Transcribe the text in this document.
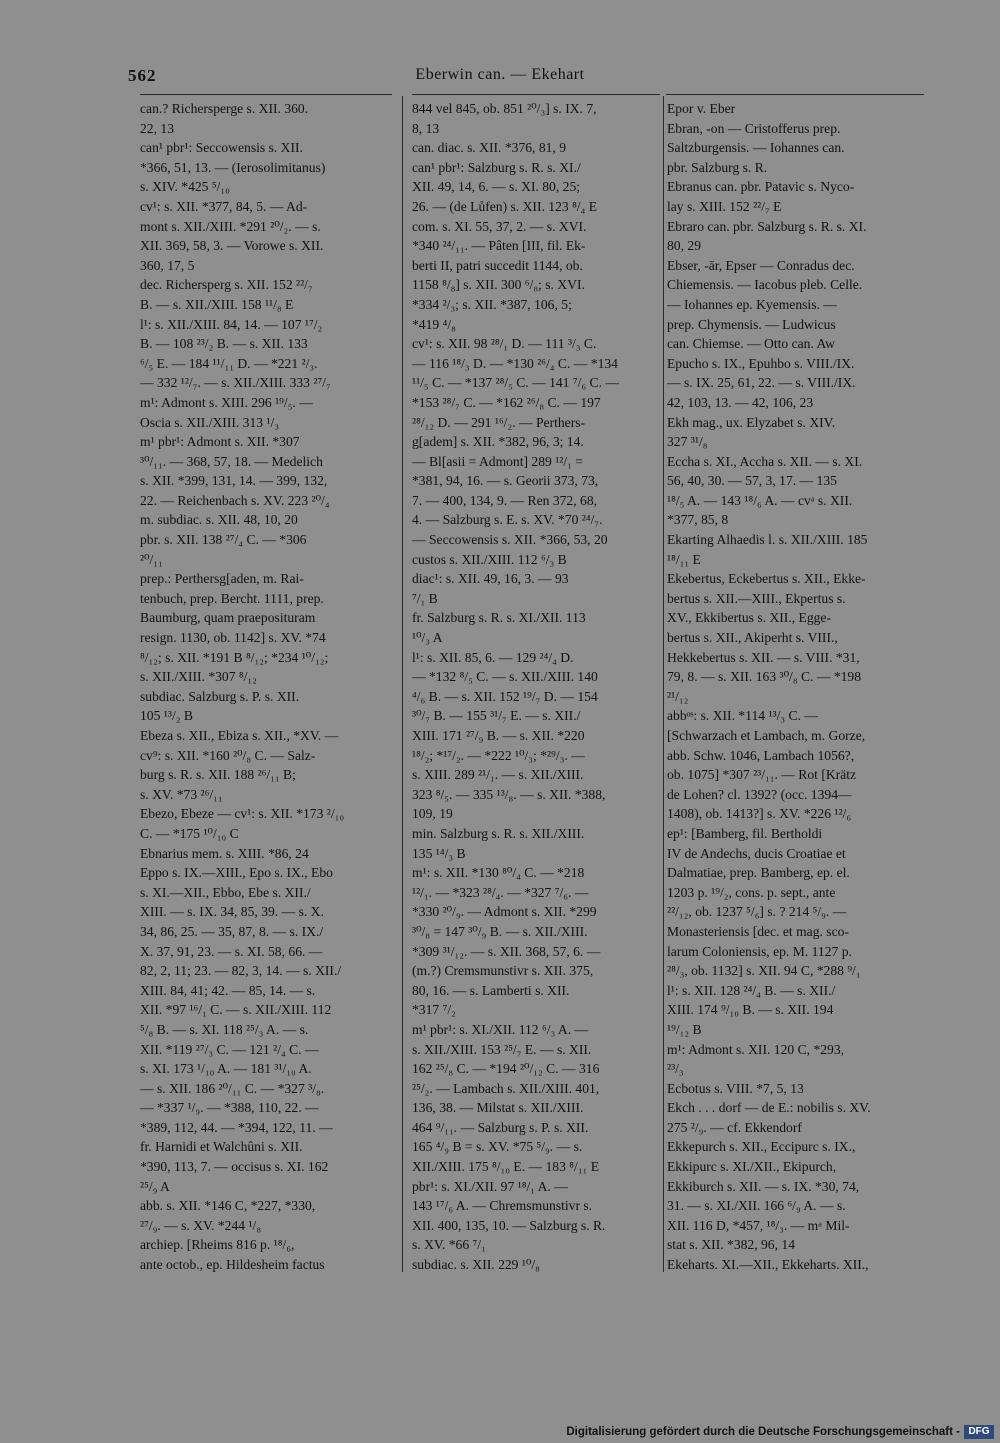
562	Eberwin can. — Ekehart
can.? Richersperge s. XII. 360.
22, 13
can¹ pbr¹: Seccowensis s. XII.
*366, 51, 13. — (Ierosolimitanus)
s. XIV. *425 ⁵/₁₀
cv¹: s. XII. *377, 84, 5. — Ad-
mont s. XII./XIII. *291 ²⁰/₂. — s.
XII. 369, 58, 3. — Vorowe s. XII.
360, 17, 5
dec. Richersperg s. XII. 152 ²²/₇
B. — s. XII./XIII. 158 ¹¹/₈ E
l¹: s. XII./XIII. 84, 14. — 107 ¹⁷/₂
B. — 108 ²³/₂ B. — s. XII. 133
⁶/₅ E. — 184 ¹¹/₁₁ D. — *221 ²/₃.
— 332 ¹²/₇. — s. XII./XIII. 333 ²⁷/₇
m¹: Admont s. XIII. 296 ¹⁹/₅. —
Oscia s. XII./XIII. 313 ¹/₃
m¹ pbr¹: Admont s. XII. *307
³⁰/₁₁. — 368, 57, 18. — Medelich
s. XII. *399, 131, 14. — 399, 132,
22. — Reichenbach s. XV. 223 ²⁰/₄
m. subdiac. s. XII. 48, 10, 20
pbr. s. XII. 138 ²⁷/₄ C. — *306
²⁰/₁₁
prep.: Perthersg[aden, m. Rai-
tenbuch, prep. Bercht. 1111, prep.
Baumburg, quam praeposituram
resign. 1130, ob. 1142] s. XV. *74
⁸/₁₂; s. XII. *191 B ⁸/₁₂; *234 ¹⁰/₁₂;
s. XII./XIII. *307 ⁸/₁₂
subdiac. Salzburg s. P. s. XII.
105 ¹³/₂ B
Ebeza s. XII., Ebiza s. XII., *XV. —
cv⁹: s. XII. *160 ²⁰/₈ C. — Salz-
burg s. R. s. XII. 188 ²⁶/₁₁ B;
s. XV. *73 ²⁶/₁₁
Ebezo, Ebeze — cv¹: s. XII. *173 ²/₁₀
C. — *175 ¹⁰/₁₀ C
Ebnarius mem. s. XIII. *86, 24
Eppo s. IX.—XIII., Epo s. IX., Ebo
s. XI.—XII., Ebbo, Ebe s. XII./
XIII. — s. IX. 34, 85, 39. — s. X.
34, 86, 25. — 35, 87, 8. — s. IX./
X. 37, 91, 23. — s. XI. 58, 66. —
82, 2, 11; 23. — 82, 3, 14. — s. XII./
XIII. 84, 41; 42. — 85, 14. — s.
XII. *97 ¹⁶/₁ C. — s. XII./XIII. 112
⁵/₈ B. — s. XI. 118 ²⁵/₃ A. — s.
XII. *119 ²⁷/₃ C. — 121 ²/₄ C. —
s. XI. 173 ¹/₁₀ A. — 181 ³¹/₁₀ A.
— s. XII. 186 ²⁰/₁₁ C. — *327 ³/₈.
— *337 ¹/₉. — *388, 110, 22. —
*389, 112, 44. — *394, 122, 11. —
fr. Harnidi et Walchûni s. XII.
*390, 113, 7. — occisus s. XI. 162
²⁵/₉ A
abb. s. XII. *146 C, *227, *330,
²⁷/₉. — s. XV. *244 ¹/₈
archiep. [Rheims 816 p. ¹⁸/₆,
ante octob., ep. Hildesheim factus
844 vel 845, ob. 851 ²⁰/₃] s. IX. 7,
8, 13
can. diac. s. XII. *376, 81, 9
can¹ pbr¹: Salzburg s. R. s. XI./
XII. 49, 14, 6. — s. XI. 80, 25;
26. — (de Lůfen) s. XII. 123 ⁸/₄ E
com. s. XI. 55, 37, 2. — s. XVI.
*340 ²⁴/₁₁. — Pâten [III, fil. Ek-
berti II, patri succedit 1144, ob.
1158 ⁸/₈] s. XII. 300 ⁶/₈; s. XVI.
*334 ²/₃; s. XII. *387, 106, 5;
*419 ⁴/₈
cv¹: s. XII. 98 ²⁸/₁ D. — 111 ³/₃ C.
— 116 ¹⁸/₃ D. — *130 ²⁶/₄ C. — *134
¹¹/₅ C. — *137 ²⁸/₅ C. — 141 ⁷/₆ C. —
*153 ²⁸/₇ C. — *162 ²⁶/₈ C. — 197
²⁸/₁₂ D. — 291 ¹⁶/₂. — Perthers-
g[adem] s. XII. *382, 96, 3; 14.
— Bl[asii = Admont] 289 ¹²/₁ =
*381, 94, 16. — s. Georii 373, 73,
7. — 400, 134, 9. — Ren 372, 68,
4. — Salzburg s. E. s. XV. *70 ²⁴/₇.
— Seccowensis s. XII. *366, 53, 20
custos s. XII./XIII. 112 ⁶/₃ B
diac¹: s. XII. 49, 16, 3. — 93
⁷/₁ B
fr. Salzburg s. R. s. XI./XII. 113
¹⁰/₃ A
l¹: s. XII. 85, 6. — 129 ²⁴/₄ D.
— *132 ⁸/₅ C. — s. XII./XIII. 140
⁴/₆ B. — s. XII. 152 ¹⁹/₇ D. — 154
³⁰/₇ B. — 155 ³¹/₇ E. — s. XII./
XIII. 171 ²⁷/₉ B. — s. XII. *220
¹⁸/₂; *¹⁷/₂. — *222 ¹⁰/₃; *²⁹/₃. —
s. XIII. 289 ²¹/₁. — s. XII./XIII.
323 ⁸/₅. — 335 ¹³/₈. — s. XII. *388,
109, 19
min. Salzburg s. R. s. XII./XIII.
135 ¹⁴/₃ B
m¹: s. XII. *130 ⁸⁰/₄ C. — *218
¹²/₁. — *323 ²⁸/₄. — *327 ⁷/₆. —
*330 ²⁰/₉. — Admont s. XII. *299
³⁰/₈ = 147 ³⁰/₉ B. — s. XII./XIII.
*309 ³¹/₁₂. — s. XII. 368, 57, 6. —
(m.?) Cremsmunstivr s. XII. 375,
80, 16. — s. Lamberti s. XII.
*317 ⁷/₂
m¹ pbr¹: s. XI./XII. 112 ⁶/₃ A. —
s. XII./XIII. 153 ²⁵/₇ E. — s. XII.
162 ²⁵/₈ C. — *194 ²⁰/₁₂ C. — 316
²⁵/₂. — Lambach s. XII./XIII. 401,
136, 38. — Milstat s. XII./XIII.
464 ⁹/₁₁. — Salzburg s. P. s. XII.
165 ⁴/₉ B = s. XV. *75 ⁵/₉. — s.
XII./XIII. 175 ⁸/₁₀ E. — 183 ⁸/₁₁ E
pbr¹: s. XI./XII. 97 ¹⁸/₁ A. —
143 ¹⁷/₆ A. — Chremsmunstivr s.
XII. 400, 135, 10. — Salzburg s. R.
s. XV. *66 ⁷/₁
subdiac. s. XII. 229 ¹⁰/₈
Epor v. Eber
Ebran, -on — Cristofferus prep.
Saltzburgensis. — Iohannes can.
pbr. Salzburg s. R.
Ebranus can. pbr. Patavic s. Nyco-
lay s. XIII. 152 ²²/₇ E
Ebraro can. pbr. Salzburg s. R. s. XI.
80, 29
Ebser, -ār, Epser — Conradus dec.
Chiemensis. — Iacobus pleb. Celle.
— Iohannes ep. Kyemensis. —
prep. Chymensis. — Ludwicus
can. Chiemse. — Otto can. Aw
Epucho s. IX., Epuhbo s. VIII./IX.
— s. IX. 25, 61, 22. — s. VIII./IX.
42, 103, 13. — 42, 106, 23
Ekh mag., ux. Elyzabet s. XIV.
327 ³¹/₈
Eccha s. XI., Accha s. XII. — s. XI.
56, 40, 30. — 57, 3, 17. — 135
¹⁸/₅ A. — 143 ¹⁸/₆ A. — cvᵃ s. XII.
*377, 85, 8
Ekarting Alhaedis l. s. XII./XIII. 185
¹⁸/₁₁ E
Ekebertus, Eckebertus s. XII., Ekke-
bertus s. XII.—XIII., Ekpertus s.
XV., Ekkibertus s. XII., Egge-
bertus s. XII., Akiperht s. VIII.,
Hekkebertus s. XII. — s. VIII. *31,
79, 8. — s. XII. 163 ³⁰/₈ C. — *198
²¹/₁₂
abbᵒˢ: s. XII. *114 ¹³/₃ C. —
[Schwarzach et Lambach, m. Gorze,
abb. Schw. 1046, Lambach 1056?,
ob. 1075] *307 ²³/₁₁. — Rot [Krätz
de Lohen? cl. 1392? (occ. 1394—
1408), ob. 1413?] s. XV. *226 ¹²/₆
ep¹: [Bamberg, fil. Bertholdi
IV de Andechs, ducis Croatiae et
Dalmatiae, prep. Bamberg, ep. el.
1203 p. ¹⁹/₂, cons. p. sept., ante
²²/₁₂, ob. 1237 ⁵/₆] s. ? 214 ⁵/₉. —
Monasteriensis [dec. et mag. sco-
larum Coloniensis, ep. M. 1127 p.
²⁸/₃, ob. 1132] s. XII. 94 C, *288 ⁹/₁
l¹: s. XII. 128 ²⁴/₄ B. — s. XII./
XIII. 174 ⁹/₁₀ B. — s. XII. 194
¹⁹/₁₂ B
m¹: Admont s. XII. 120 C, *293,
²³/₃
Ecbotus s. VIII. *7, 5, 13
Ekch . . . dorf — de E.: nobilis s. XV.
275 ²/₉. — cf. Ekkendorf
Ekkepurch s. XII., Eccipurc s. IX.,
Ekkipurc s. XI./XII., Ekipurch,
Ekkiburch s. XII. — s. IX. *30, 74,
31. — s. XI./XII. 166 ⁶/₉ A. — s.
XII. 116 D, *457, ¹⁸/₃. — mᵃ Mil-
stat s. XII. *382, 96, 14
Ekeharts. XI.—XII., Ekkeharts. XII.,
Digitalisierung gefördert durch die Deutsche Forschungsgemeinschaft - DFG
